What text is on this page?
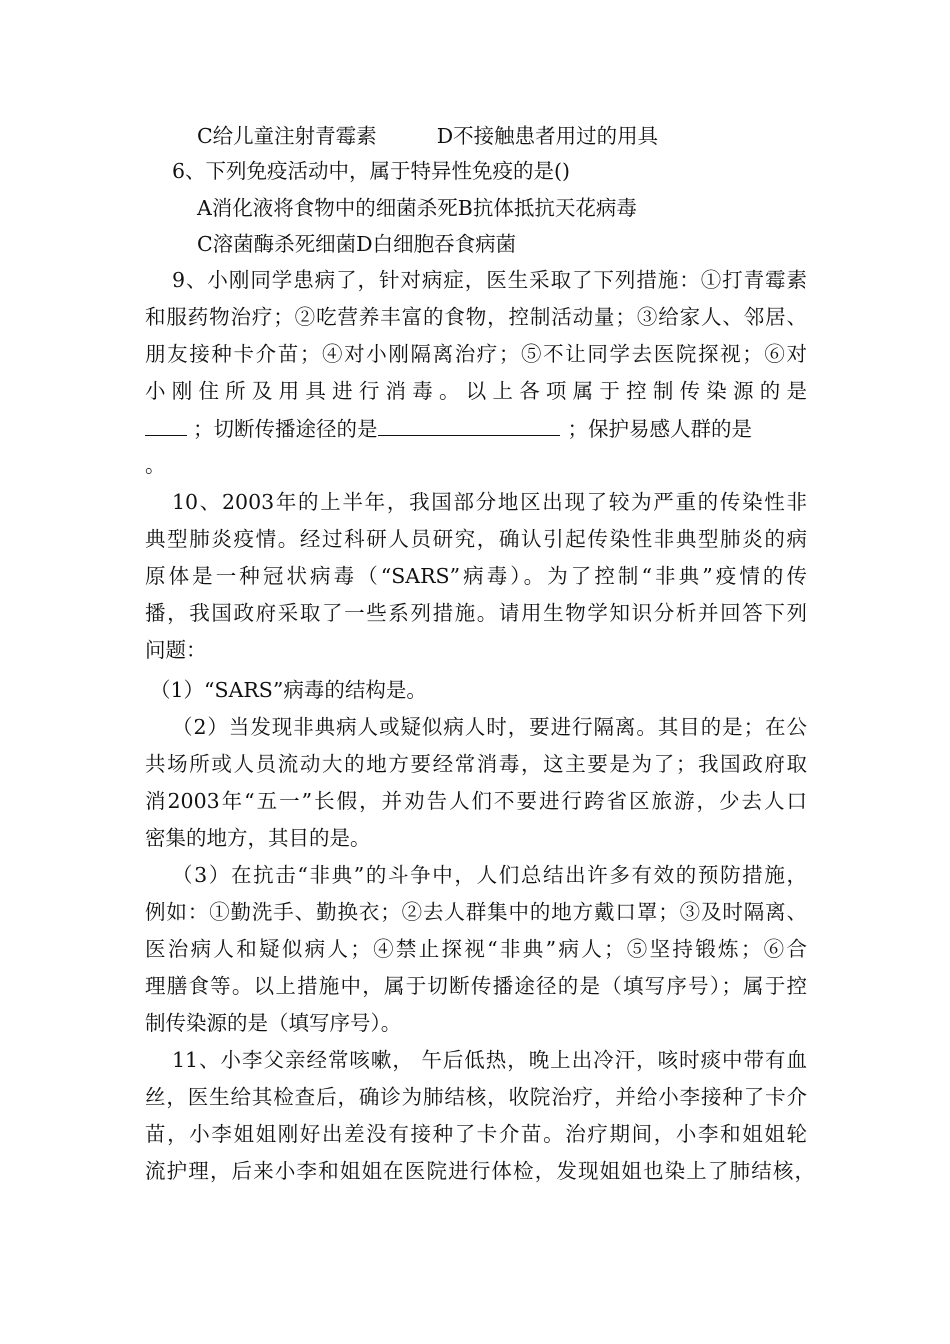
C给儿童注射青霉素	D不接触患者用过的用具
6、下列免疫活动中，属于特异性免疫的是()
A消化液将食物中的细菌杀死B抗体抵抗天花病毒
C溶菌酶杀死细菌D白细胞吞食病菌
9、小刚同学患病了，针对病症，医生采取了下列措施：①打青霉素
和服药物治疗；②吃营养丰富的食物，控制活动量；③给家人、邻居、
朋友接种卡介苗；④对小刚隔离治疗；⑤不让同学去医院探视；⑥对
小刚住所及用具进行消毒。以上各项属于控制传染源的是
；切断传播途径的是	；保护易感人群的是
。
10、2003年的上半年，我国部分地区出现了较为严重的传染性非
典型肺炎疫情。经过科研人员研究，确认引起传染性非典型肺炎的病
原体是一种冠状病毒（“SARS”病毒）。为了控制“非典”疫情的传
播，我国政府采取了一些系列措施。请用生物学知识分析并回答下列
问题：
（1）“SARS”病毒的结构是。
（2）当发现非典病人或疑似病人时，要进行隔离。其目的是；在公
共场所或人员流动大的地方要经常消毒，这主要是为了；我国政府取
消2003年“五一”长假，并劝告人们不要进行跨省区旅游，少去人口
密集的地方，其目的是。
（3）在抗击“非典”的斗争中，人们总结出许多有效的预防措施，
例如：①勤洗手、勤换衣；②去人群集中的地方戴口罩；③及时隔离、
医治病人和疑似病人；④禁止探视“非典”病人；⑤坚持锻炼；⑥合
理膳食等。以上措施中，属于切断传播途径的是（填写序号）；属于控
制传染源的是（填写序号）。
11、小李父亲经常咳嗽， 午后低热，晚上出冷汗，咳时痰中带有血
丝，医生给其检查后，确诊为肺结核，收院治疗，并给小李接种了卡介
苗，小李姐姐刚好出差没有接种了卡介苗。治疗期间，小李和姐姐轮
流护理，后来小李和姐姐在医院进行体检，发现姐姐也染上了肺结核，
